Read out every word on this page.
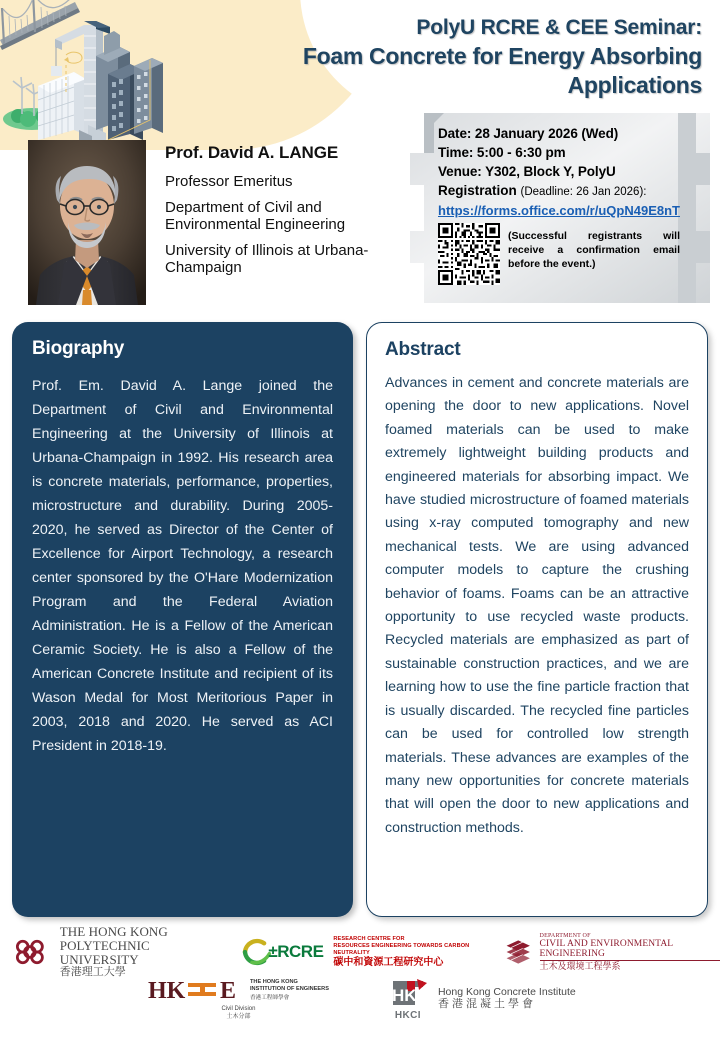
PolyU RCRE & CEE Seminar:
Foam Concrete for Energy Absorbing
Applications
Prof. David A. LANGE
Professor Emeritus
Department of Civil and Environmental Engineering
University of Illinois at Urbana-Champaign
Date: 28 January 2026 (Wed)
Time: 5:00 - 6:30 pm
Venue: Y302, Block Y, PolyU
Registration (Deadline: 26 Jan 2026):
https://forms.office.com/r/uQpN49E8nT
(Successful registrants will receive a confirmation email before the event.)
Biography

Prof. Em. David A. Lange joined the Department of Civil and Environmental Engineering at the University of Illinois at Urbana-Champaign in 1992. His research area is concrete materials, performance, properties, microstructure and durability. During 2005-2020, he served as Director of the Center of Excellence for Airport Technology, a research center sponsored by the O'Hare Modernization Program and the Federal Aviation Administration. He is a Fellow of the American Ceramic Society. He is also a Fellow of the American Concrete Institute and recipient of its Wason Medal for Most Meritorious Paper in 2003, 2018 and 2020. He served as ACI President in 2018-19.

Abstract

Advances in cement and concrete materials are opening the door to new applications. Novel foamed materials can be used to make extremely lightweight building products and engineered materials for absorbing impact. We have studied microstructure of foamed materials using x-ray computed tomography and new mechanical tests. We are using advanced computer models to capture the crushing behavior of foams. Foams can be an attractive opportunity to use recycled waste products. Recycled materials are emphasized as part of sustainable construction practices, and we are learning how to use the fine particle fraction that is usually discarded. The recycled fine particles can be used for controlled low strength materials. These advances are examples of the many new opportunities for concrete materials that will open the door to new applications and construction methods.

THE HONG KONG
POLYTECHNIC UNIVERSITY
香港理工大學
±RCRE
RESEARCH CENTRE FOR
RESOURCES ENGINEERING TOWARDS CARBON NEUTRALITY
碳中和資源工程研究中心
DEPARTMENT OF
CIVIL AND ENVIRONMENTAL ENGINEERING
土木及環境工程學系
HK E THE HONG KONG
INSTITUTION OF ENGINEERS
香港工程師學會
Civil Division
土木分部
HK
HKCI
Hong Kong Concrete Institute
香港混凝土學會
